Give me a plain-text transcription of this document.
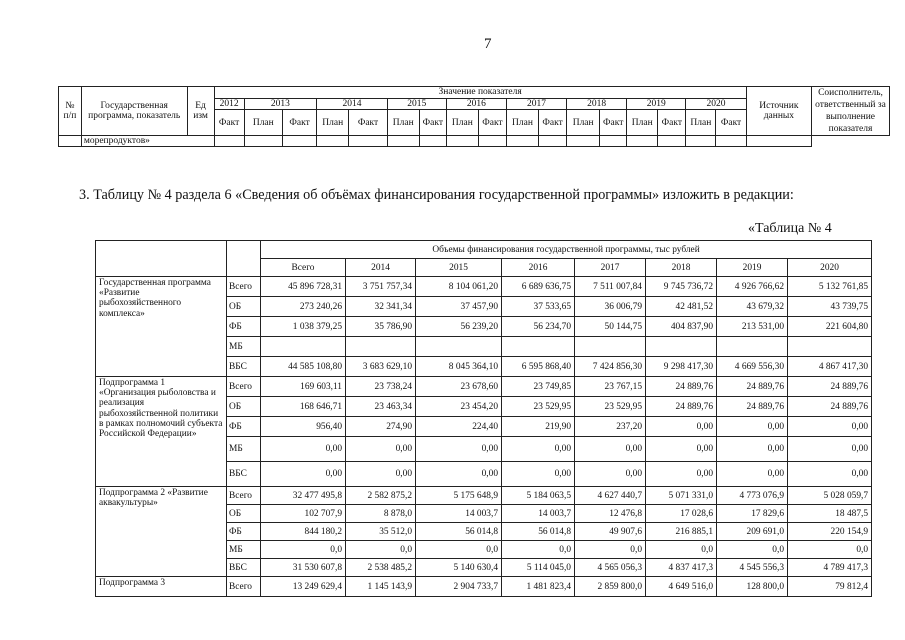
7
№ п/п	Государственная программа, показатель	Ед изм	Значение показателя																	Источник данных	Соисполнитель, ответственный за выполнение показателя
			2012	2013		2014		2015		2016		2017		2018		2019		2020			
			Факт	План	Факт	План	Факт	План	Факт	План	Факт	План	Факт	План	Факт	План	Факт	План	Факт		
	морепродуктов»																				
3. Таблицу № 4 раздела 6 «Сведения об объёмах финансирования государственной программы» изложить в редакции:
«Таблица № 4
		Объемы финансирования государственной программы, тыс рублей							
		Всего	2014	2015	2016	2017	2018	2019	2020
Государственная программа «Развитие рыбохозяйственного комплекса»	Всего	45 896 728,31	3 751 757,34	8 104 061,20	6 689 636,75	7 511 007,84	9 745 736,72	4 926 766,62	5 132 761,85
	ОБ	273 240,26	32 341,34	37 457,90	37 533,65	36 006,79	42 481,52	43 679,32	43 739,75
	ФБ	1 038 379,25	35 786,90	56 239,20	56 234,70	50 144,75	404 837,90	213 531,00	221 604,80
	МБ								
	ВБС	44 585 108,80	3 683 629,10	8 045 364,10	6 595 868,40	7 424 856,30	9 298 417,30	4 669 556,30	4 867 417,30
Подпрограмма 1 «Организация рыболовства и реализация рыбохозяйственной политики в рамках полномочий субъекта Российской Федерации»	Всего	169 603,11	23 738,24	23 678,60	23 749,85	23 767,15	24 889,76	24 889,76	24 889,76
	ОБ	168 646,71	23 463,34	23 454,20	23 529,95	23 529,95	24 889,76	24 889,76	24 889,76
	ФБ	956,40	274,90	224,40	219,90	237,20	0,00	0,00	0,00
	МБ	0,00	0,00	0,00	0,00	0,00	0,00	0,00	0,00
	ВБС	0,00	0,00	0,00	0,00	0,00	0,00	0,00	0,00
Подпрограмма 2 «Развитие аквакультуры»	Всего	32 477 495,8	2 582 875,2	5 175 648,9	5 184 063,5	4 627 440,7	5 071 331,0	4 773 076,9	5 028 059,7
	ОБ	102 707,9	8 878,0	14 003,7	14 003,7	12 476,8	17 028,6	17 829,6	18 487,5
	ФБ	844 180,2	35 512,0	56 014,8	56 014,8	49 907,6	216 885,1	209 691,0	220 154,9
	МБ	0,0	0,0	0,0	0,0	0,0	0,0	0,0	0,0
	ВБС	31 530 607,8	2 538 485,2	5 140 630,4	5 114 045,0	4 565 056,3	4 837 417,3	4 545 556,3	4 789 417,3
Подпрограмма 3	Всего	13 249 629,4	1 145 143,9	2 904 733,7	1 481 823,4	2 859 800,0	4 649 516,0	128 800,0	79 812,4
